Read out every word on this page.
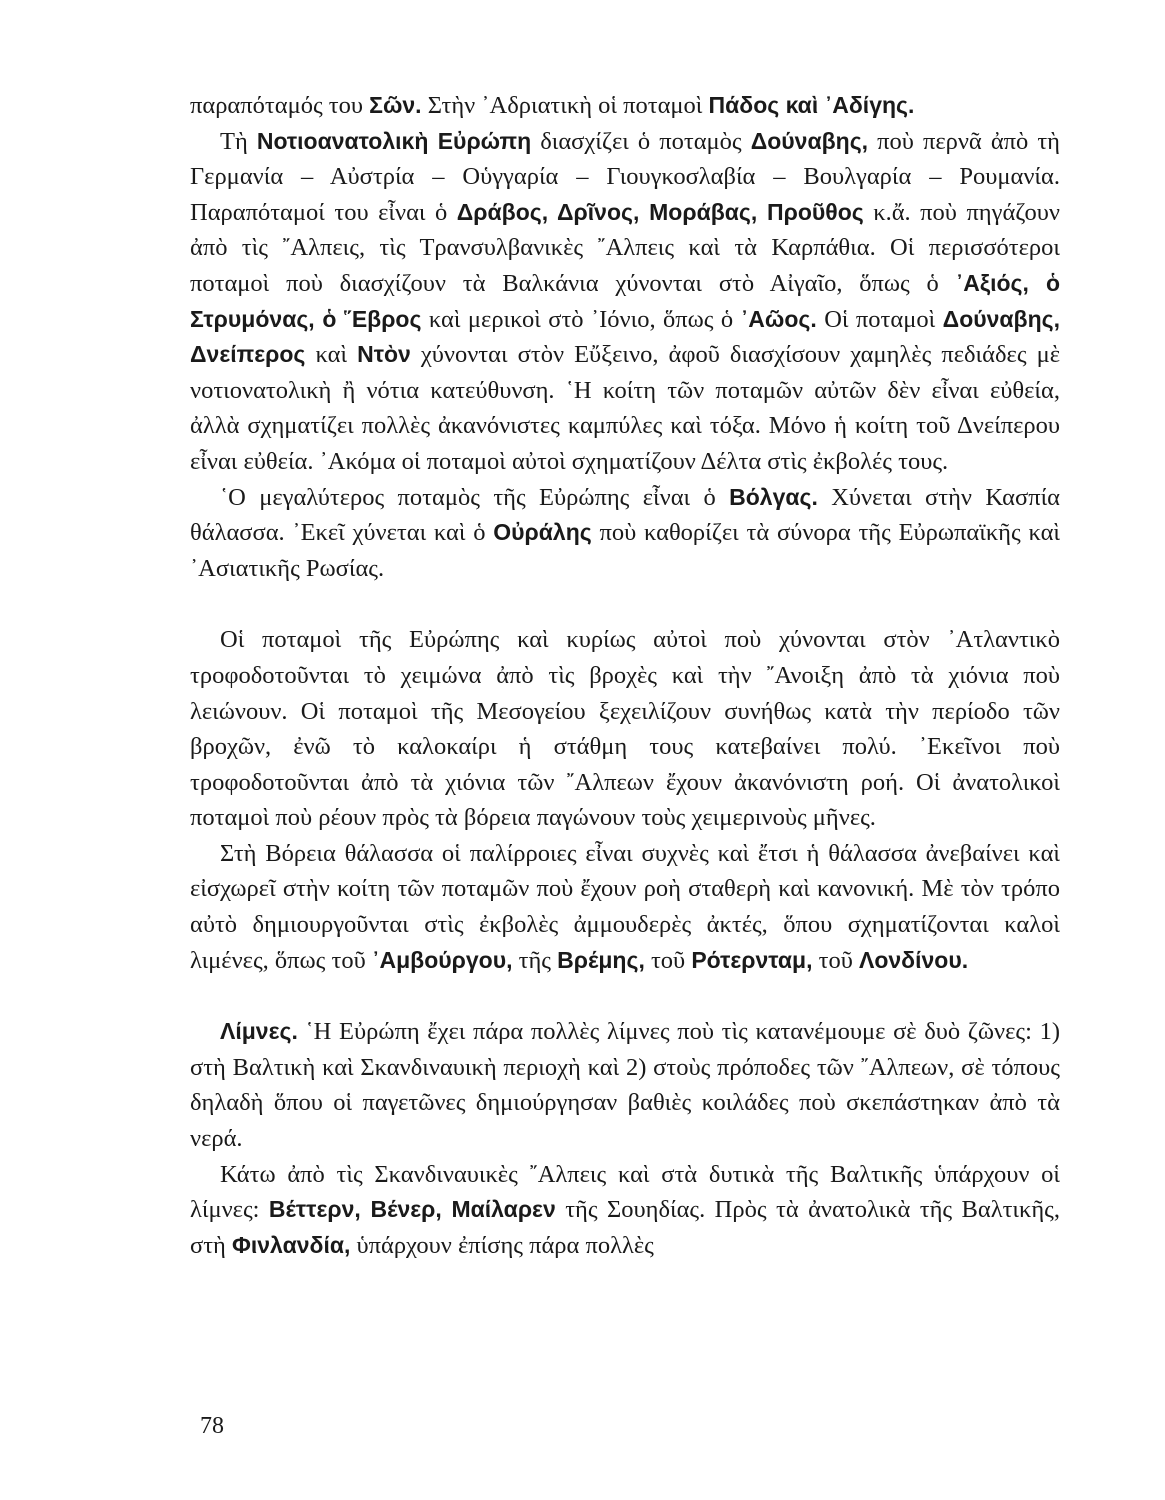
παραπόταμός του Σῶν. Στὴν ᾿Αδριατικὴ οἱ ποταμοὶ Πάδος καὶ ᾿Αδίγης.

Τὴ Νοτιοανατολικὴ Εὐρώπη διασχίζει ὁ ποταμὸς Δούναβης, ποὺ περνᾶ ἀπὸ τὴ Γερμανία – Αὐστρία – Οὑγγαρία – Γιουγκοσλαβία – Βουλγαρία – Ρουμανία. Παραπόταμοί του εἶναι ὁ Δράβος, Δρῖνος, Μοράβας, Προῦθος κ.ἄ. ποὺ πηγάζουν ἀπὸ τὶς ῎Αλπεις, τὶς Τρανσυλβανικὲς ῎Αλπεις καὶ τὰ Καρπάθια. Οἱ περισσότεροι ποταμοὶ ποὺ διασχίζουν τὰ Βαλκάνια χύνονται στὸ Αἰγαῖο, ὅπως ὁ ᾿Αξιός, ὁ Στρυμόνας, ὁ ῞Εβρος καὶ μερικοὶ στὸ ᾿Ιόνιο, ὅπως ὁ ᾿Αῶος. Οἱ ποταμοὶ Δούναβης, Δνείπερος καὶ Ντὸν χύνονται στὸν Εὔξεινο, ἀφοῦ διασχίσουν χαμηλὲς πεδιάδες μὲ νοτιονατολικὴ ἢ νότια κατεύθυνση. ῾Η κοίτη τῶν ποταμῶν αὐτῶν δὲν εἶναι εὐθεία, ἀλλὰ σχηματίζει πολλὲς ἀκανόνιστες καμπύλες καὶ τόξα. Μόνο ἡ κοίτη τοῦ Δνείπερου εἶναι εὐθεία. ᾿Ακόμα οἱ ποταμοὶ αὐτοὶ σχηματίζουν Δέλτα στὶς ἐκβολές τους.

῾Ο μεγαλύτερος ποταμὸς τῆς Εὐρώπης εἶναι ὁ Βόλγας. Χύνεται στὴν Κασπία θάλασσα. ᾿Εκεῖ χύνεται καὶ ὁ Οὐράλης ποὺ καθορίζει τὰ σύνορα τῆς Εὐρωπαϊκῆς καὶ ᾿Ασιατικῆς Ρωσίας.

Οἱ ποταμοὶ τῆς Εὐρώπης καὶ κυρίως αὐτοὶ ποὺ χύνονται στὸν ᾿Ατλαντικὸ τροφοδοτοῦνται τὸ χειμώνα ἀπὸ τὶς βροχὲς καὶ τὴν ῎Ανοιξη ἀπὸ τὰ χιόνια ποὺ λειώνουν. Οἱ ποταμοὶ τῆς Μεσογείου ξεχειλίζουν συνήθως κατὰ τὴν περίοδο τῶν βροχῶν, ἐνῶ τὸ καλοκαίρι ἡ στάθμη τους κατεβαίνει πολύ. ᾿Εκεῖνοι ποὺ τροφοδοτοῦνται ἀπὸ τὰ χιόνια τῶν ῎Αλπεων ἔχουν ἀκανόνιστη ροή. Οἱ ἀνατολικοὶ ποταμοὶ ποὺ ρέουν πρὸς τὰ βόρεια παγώνουν τοὺς χειμερινοὺς μῆνες.

Στὴ Βόρεια θάλασσα οἱ παλίρροιες εἶναι συχνὲς καὶ ἔτσι ἡ θάλασσα ἀνεβαίνει καὶ εἰσχωρεῖ στὴν κοίτη τῶν ποταμῶν ποὺ ἔχουν ροὴ σταθερὴ καὶ κανονική. Μὲ τὸν τρόπο αὐτὸ δημιουργοῦνται στὶς ἐκβολὲς ἀμμουδερὲς ἀκτές, ὅπου σχηματίζονται καλοὶ λιμένες, ὅπως τοῦ ᾿Αμβούργου, τῆς Βρέμης, τοῦ Ρότερνταμ, τοῦ Λονδίνου.

Λίμνες. ῾Η Εὐρώπη ἔχει πάρα πολλὲς λίμνες ποὺ τὶς κατανέμουμε σὲ δυὸ ζῶνες: 1) στὴ Βαλτικὴ καὶ Σκανδιναυικὴ περιοχὴ καὶ 2) στοὺς πρόποδες τῶν ῎Αλπεων, σὲ τόπους δηλαδὴ ὅπου οἱ παγετῶνες δημιούργησαν βαθιὲς κοιλάδες ποὺ σκεπάστηκαν ἀπὸ τὰ νερά.

Κάτω ἀπὸ τὶς Σκανδιναυικὲς ῎Αλπεις καὶ στὰ δυτικὰ τῆς Βαλτικῆς ὑπάρχουν οἱ λίμνες: Βέττερν, Βένερ, Μαίλαρεν τῆς Σουηδίας. Πρὸς τὰ ἀνατολικὰ τῆς Βαλτικῆς, στὴ Φινλανδία, ὑπάρχουν ἐπίσης πάρα πολλὲς

78
